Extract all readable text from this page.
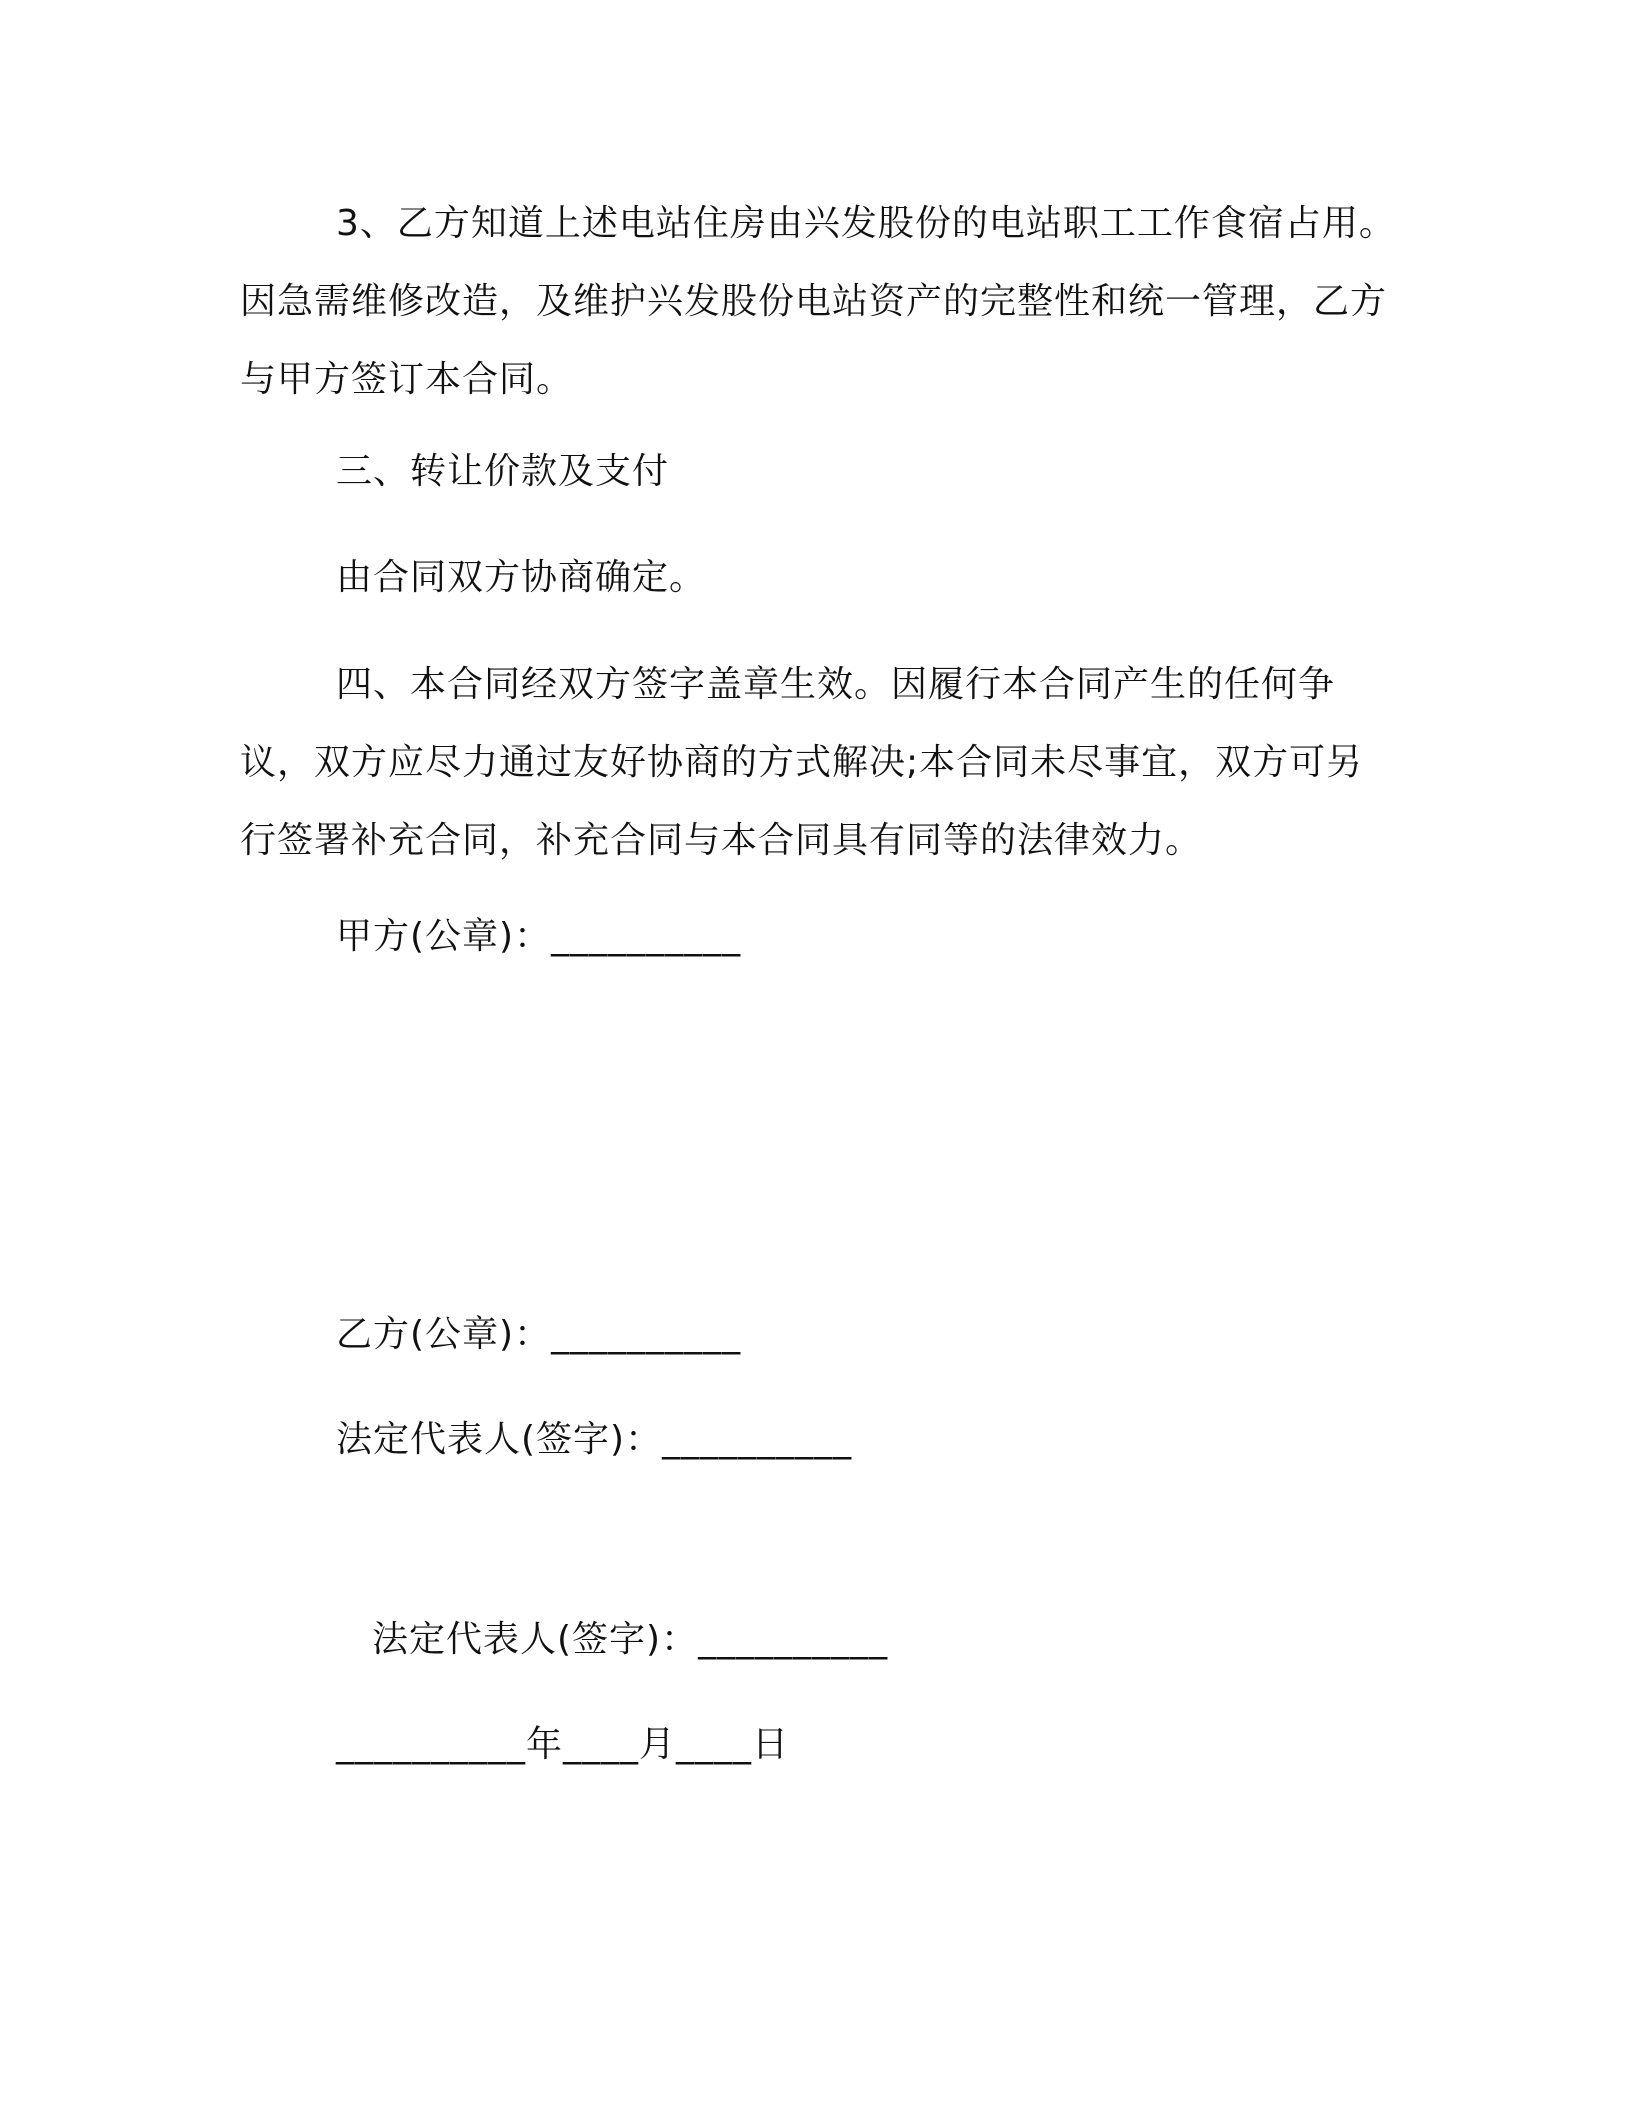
3、乙方知道上述电站住房由兴发股份的电站职工工作食宿占用。因急需维修改造，及维护兴发股份电站资产的完整性和统一管理，乙方与甲方签订本合同。
三、转让价款及支付
由合同双方协商确定。
四、本合同经双方签字盖章生效。因履行本合同产生的任何争议，双方应尽力通过友好协商的方式解决;本合同未尽事宜，双方可另行签署补充合同，补充合同与本合同具有同等的法律效力。
甲方(公章)：__________
乙方(公章)：__________
法定代表人(签字)：__________
法定代表人(签字)：__________
__________年____月____日
